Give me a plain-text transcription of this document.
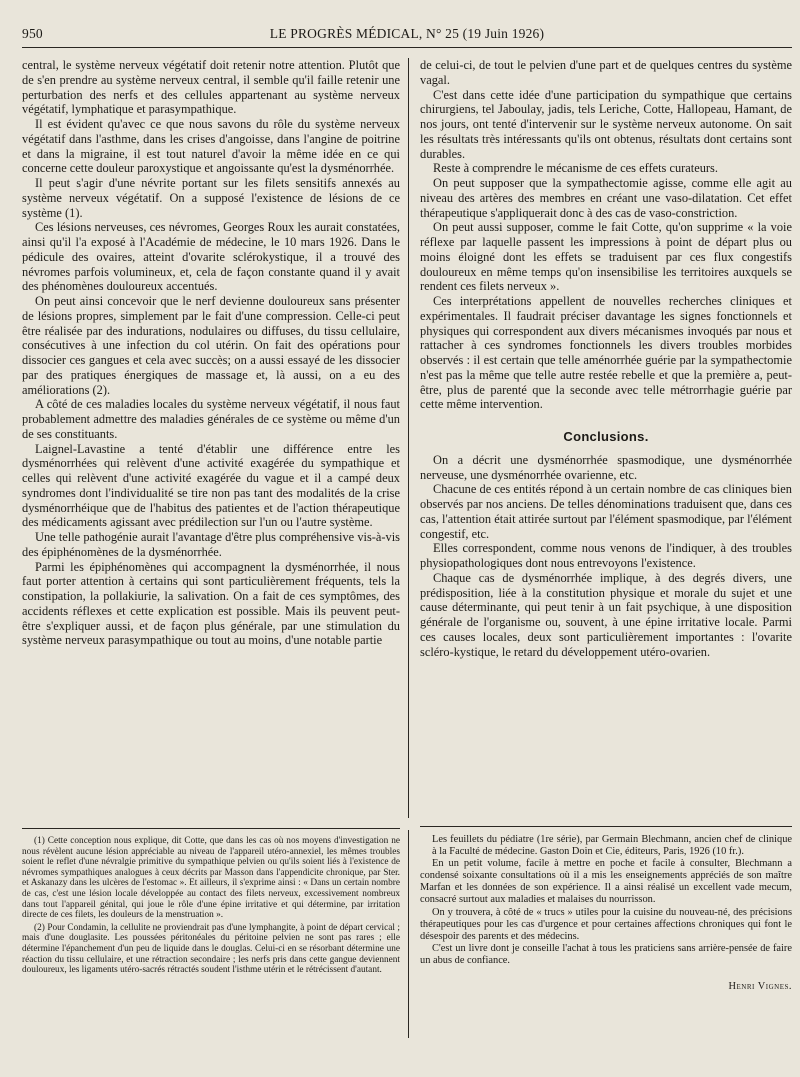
950	LE PROGRÈS MÉDICAL, N° 25 (19 Juin 1926)

central, le système nerveux végétatif doit retenir notre attention. Plutôt que de s'en prendre au système nerveux central, il semble qu'il faille retenir une perturbation des nerfs et des cellules appartenant au système nerveux végétatif, lymphatique et parasympathique.

Il est évident qu'avec ce que nous savons du rôle du système nerveux végétatif dans l'asthme, dans les crises d'angoisse, dans l'angine de poitrine et dans la migraine, il est tout naturel d'avoir la même idée en ce qui concerne cette douleur paroxystique et angoissante qu'est la dysménorrhée.

Il peut s'agir d'une névrite portant sur les filets sensitifs annexés au système nerveux végétatif. On a supposé l'existence de lésions de ce système (1).

Ces lésions nerveuses, ces névromes, Georges Roux les aurait constatées, ainsi qu'il l'a exposé à l'Académie de médecine, le 10 mars 1926. Dans le pédicule des ovaires, atteint d'ovarite sclérokystique, il a trouvé des névromes parfois volumineux, et, cela de façon constante quand il y avait des phénomènes douloureux accentués.

On peut ainsi concevoir que le nerf devienne douloureux sans présenter de lésions propres, simplement par le fait d'une compression. Celle-ci peut être réalisée par des indurations, nodulaires ou diffuses, du tissu cellulaire, consécutives à une infection du col utérin. On fait des opérations pour dissocier ces gangues et cela avec succès; on a aussi essayé de les dissocier par des pratiques énergiques de massage et, là aussi, on a eu des améliorations (2).

A côté de ces maladies locales du système nerveux végétatif, il nous faut probablement admettre des maladies générales de ce système ou même d'un de ses constituants.

Laignel-Lavastine a tenté d'établir une différence entre les dysménorrhées qui relèvent d'une activité exagérée du sympathique et celles qui relèvent d'une activité exagérée du vague et il a campé deux syndromes dont l'individualité se tire non pas tant des modalités de la crise dysménorrhéique que de l'habitus des patientes et de l'action thérapeutique des médicaments agissant avec prédilection sur l'un ou l'autre système.

Une telle pathogénie aurait l'avantage d'être plus compréhensive vis-à-vis des épiphénomènes de la dysménorrhée.

Parmi les épiphénomènes qui accompagnent la dysménorrhée, il nous faut porter attention à certains qui sont particulièrement fréquents, tels la constipation, la pollakiurie, la salivation. On a fait de ces symptômes, des accidents réflexes et cette explication est possible. Mais ils peuvent peut-être s'expliquer aussi, et de façon plus générale, par une stimulation du système nerveux parasympathique ou tout au moins, d'une notable partie

de celui-ci, de tout le pelvien d'une part et de quelques centres du système vagal.

C'est dans cette idée d'une participation du sympathique que certains chirurgiens, tel Jaboulay, jadis, tels Leriche, Cotte, Hallopeau, Hamant, de nos jours, ont tenté d'intervenir sur le système nerveux autonome. On sait les résultats très intéressants qu'ils ont obtenus, résultats dont certains sont durables.

Reste à comprendre le mécanisme de ces effets curateurs.

On peut supposer que la sympathectomie agisse, comme elle agit au niveau des artères des membres en créant une vaso-dilatation. Cet effet thérapeutique s'appliquerait donc à des cas de vaso-constriction.

On peut aussi supposer, comme le fait Cotte, qu'on supprime « la voie réflexe par laquelle passent les impressions à point de départ plus ou moins éloigné dont les effets se traduisent par ces flux congestifs douloureux en même temps qu'on insensibilise les territoires auxquels se rendent ces filets nerveux ».

Ces interprétations appellent de nouvelles recherches cliniques et expérimentales. Il faudrait préciser davantage les signes fonctionnels et physiques qui correspondent aux divers mécanismes invoqués par nous et rattacher à ces syndromes fonctionnels les divers troubles morbides observés : il est certain que telle aménorrhée guérie par la sympathectomie n'est pas la même que telle autre restée rebelle et que la première a, peut-être, plus de parenté que la seconde avec telle métrorrhagie guérie par cette même intervention.

Conclusions.

On a décrit une dysménorrhée spasmodique, une dysménorrhée nerveuse, une dysménorrhée ovarienne, etc.

Chacune de ces entités répond à un certain nombre de cas cliniques bien observés par nos anciens. De telles dénominations traduisent que, dans ces cas, l'attention était attirée surtout par l'élément spasmodique, par l'élément congestif, etc.

Elles correspondent, comme nous venons de l'indiquer, à des troubles physiopathologiques dont nous entrevoyons l'existence.

Chaque cas de dysménorrhée implique, à des degrés divers, une prédisposition, liée à la constitution physique et morale du sujet et une cause déterminante, qui peut tenir à un fait psychique, à une disposition générale de l'organisme ou, souvent, à une épine irritative locale. Parmi ces causes locales, deux sont particulièrement importantes : l'ovarite scléro-kystique, le retard du développement utéro-ovarien.

(1) Cette conception nous explique, dit Cotte, que dans les cas où nos moyens d'investigation ne nous révèlent aucune lésion appréciable au niveau de l'appareil utéro-annexiel, les mêmes troubles soient le reflet d'une névralgie primitive du sympathique pelvien ou qu'ils soient liés à l'existence de névromes sympathiques analogues à ceux décrits par Masson dans l'appendicite chronique, par Ster. et Askanazy dans les ulcères de l'estomac ». Et ailleurs, il s'exprime ainsi : « Dans un certain nombre de cas, c'est une lésion locale développée au contact des filets nerveux, excessivement nombreux dans tout l'appareil génital, qui joue le rôle d'une épine irritative et qui détermine, par irritation directe de ces filets, les douleurs de la menstruation ».

(2) Pour Condamin, la cellulite ne proviendrait pas d'une lymphangite, à point de départ cervical ; mais d'une douglasite. Les poussées péritonéales du péritoine pelvien ne sont pas rares ; elle détermine l'épanchement d'un peu de liquide dans le douglas. Celui-ci en se résorbant détermine une réaction du tissu cellulaire, et une rétraction secondaire ; les nerfs pris dans cette gangue deviennent douloureux, les ligaments utéro-sacrés rétractés soudent l'isthme utérin et le rétrécissent d'autant.

Les feuillets du pédiatre (1re série), par Germain Blechmann, ancien chef de clinique à la Faculté de médecine. Gaston Doin et Cie, éditeurs, Paris, 1926 (10 fr.).

En un petit volume, facile à mettre en poche et facile à consulter, Blechmann a condensé soixante consultations où il a mis les enseignements appréciés de son maître Marfan et les données de son expérience. Il a ainsi réalisé un excellent vade mecum, consacré surtout aux maladies et malaises du nourrisson.

On y trouvera, à côté de « trucs » utiles pour la cuisine du nouveau-né, des précisions thérapeutiques pour les cas d'urgence et pour certaines affections chroniques qui font le désespoir des parents et des médecins.

C'est un livre dont je conseille l'achat à tous les praticiens sans arrière-pensée de faire un abus de confiance.

Henri Vignes.
